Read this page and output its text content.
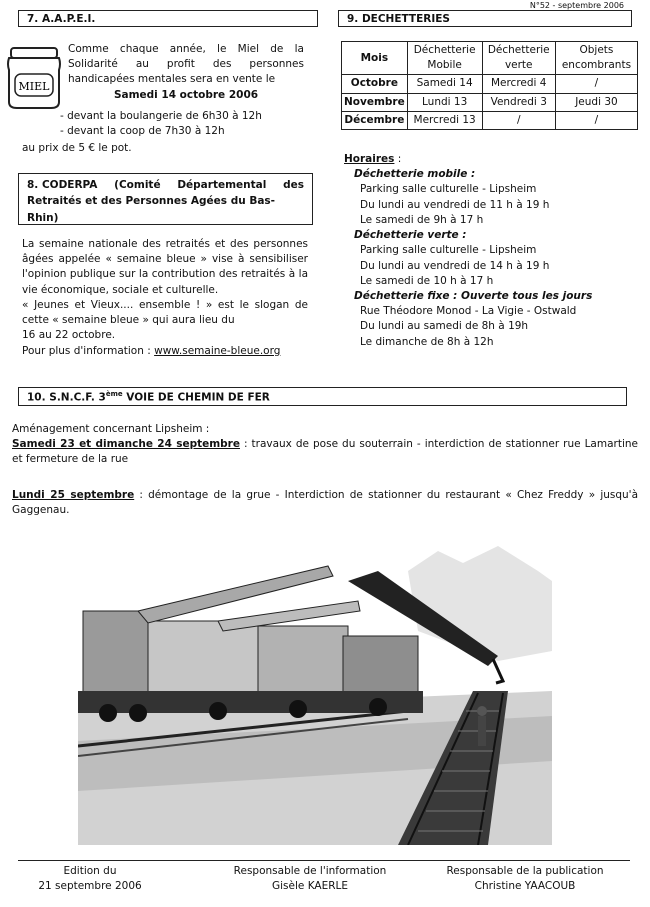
N°52 - septembre 2006
7. A.A.P.E.I.
MIEL
Comme chaque année, le Miel de la Solidarité au profit des personnes handicapées mentales sera en vente le
Samedi 14 octobre 2006
- devant la boulangerie de 6h30 à 12h
- devant la coop de 7h30 à 12h
au prix de 5 € le pot.
8. CODERPA (Comité Départemental des
Retraités et des Personnes Agées du Bas-
Rhin)

La semaine nationale des retraités et des personnes âgées appelée « semaine bleue » vise à sensibiliser l'opinion publique sur la contribution des retraités à la vie économique, sociale et culturelle.

« Jeunes et Vieux.... ensemble ! » est le slogan de cette « semaine bleue » qui aura lieu du

16 au 22 octobre.

Pour plus d'information : www.semaine-bleue.org

9. DECHETTERIES
Mois	Déchetterie Mobile	Déchetterie verte	Objets encombrants
Octobre	Samedi 14	Mercredi 4	/
Novembre	Lundi 13	Vendredi 3	Jeudi 30
Décembre	Mercredi 13	/	/
Horaires :
Déchetterie mobile :
Parking salle culturelle - Lipsheim
Du lundi au vendredi de 11 h à 19 h
Le samedi de 9h à 17 h
Déchetterie verte :
Parking salle culturelle - Lipsheim
Du lundi au vendredi de 14 h à 19 h
Le samedi de 10 h à 17 h
Déchetterie fixe : Ouverte tous les jours
Rue Théodore Monod - La Vigie - Ostwald
Du lundi au samedi de 8h à 19h
Le dimanche de 8h à 12h
10. S.N.C.F. 3ème VOIE DE CHEMIN DE FER

Aménagement concernant Lipsheim :

Samedi 23 et dimanche 24 septembre : travaux de pose du souterrain - interdiction de stationner rue Lamartine et fermeture de la rue

Lundi 25 septembre : démontage de la grue - Interdiction de stationner du restaurant « Chez Freddy » jusqu'à Gaggenau.

Edition du
21 septembre 2006
Responsable de l'information
Gisèle KAERLE
Responsable de la publication
Christine YAACOUB
